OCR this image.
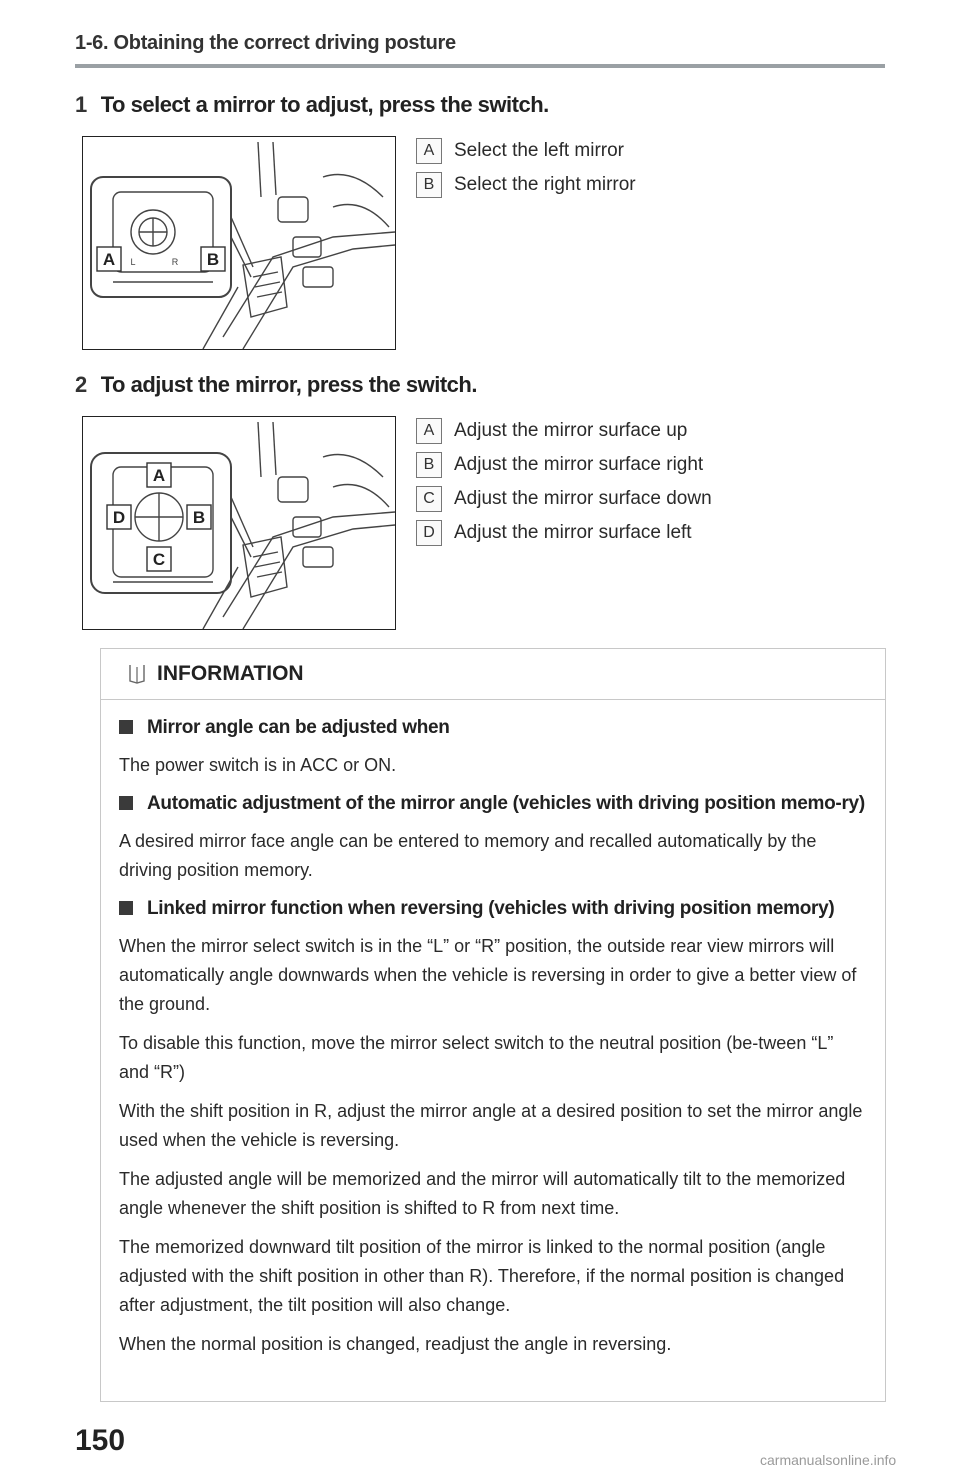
1-6. Obtaining the correct driving posture
1 To select a mirror to adjust, press the switch.
A	B
L	R
A	Select the left mirror
B	Select the right mirror
2 To adjust the mirror, press the switch.
A
B
C
D
A	Adjust the mirror surface up
B	Adjust the mirror surface right
C	Adjust the mirror surface down
D	Adjust the mirror surface left
INFORMATION
Mirror angle can be adjusted when

The power switch is in ACC or ON.

Automatic adjustment of the mirror angle (vehicles with driving position memo-ry)

A desired mirror face angle can be entered to memory and recalled automatically by the driving position memory.

Linked mirror function when reversing (vehicles with driving position memory)

When the mirror select switch is in the “L” or “R” position, the outside rear view mirrors will automatically angle downwards when the vehicle is reversing in order to give a better view of the ground.

To disable this function, move the mirror select switch to the neutral position (be-tween “L” and “R”)

With the shift position in R, adjust the mirror angle at a desired position to set the mirror angle used when the vehicle is reversing.

The adjusted angle will be memorized and the mirror will automatically tilt to the memorized angle whenever the shift position is shifted to R from next time.

The memorized downward tilt position of the mirror is linked to the normal position (angle adjusted with the shift position in other than R). Therefore, if the normal position is changed after adjustment, the tilt position will also change.

When the normal position is changed, readjust the angle in reversing.

150
carmanualsonline.info
